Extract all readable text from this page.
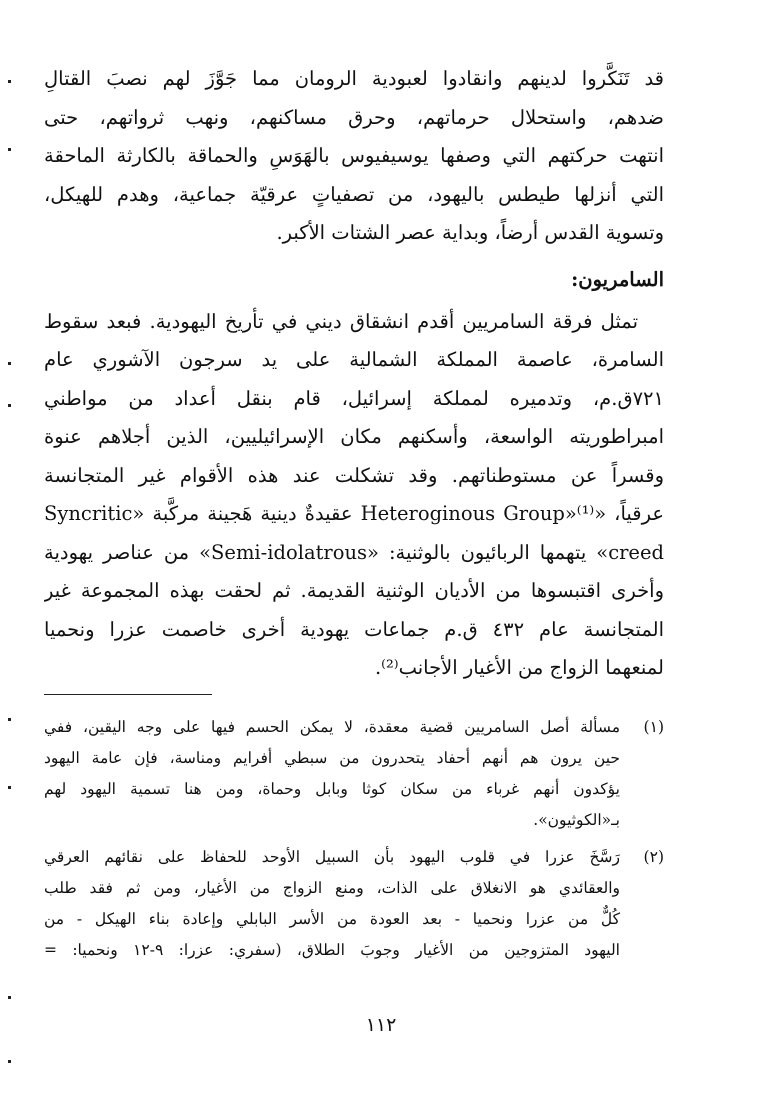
قد تَنَكَّروا لدينهم وانقادوا لعبودية الرومان مما جَوَّزَ لهم نصبَ القتالِ
ضدهم، واستحلال حرماتهم، وحرق مساكنهم، ونهب ثرواتهم، حتى
انتهت حركتهم التي وصفها يوسيفيوس بالهَوَسِ والحماقة بالكارثة الماحقة
التي أنزلها طيطس باليهود، من تصفياتٍ عرقيّة جماعية، وهدم للهيكل،
وتسوية القدس أرضاً، وبداية عصر الشتات الأكبر.

السامريون:

تمثل فرقة السامريين أقدم انشقاق ديني في تأريخ اليهودية. فبعد سقوط
السامرة، عاصمة المملكة الشمالية على يد سرجون الآشوري عام
٧٢١ق.م، وتدميره لمملكة إسرائيل، قام بنقل أعداد من مواطني
امبراطوريته الواسعة، وأسكنهم مكان الإسرائيليين، الذين أجلاهم عنوة
وقسراً عن مستوطناتهم. وقد تشكلت عند هذه الأقوام غير المتجانسة
عرقياً، «Heteroginous Group»⁽¹⁾ عقيدةٌ دينية هَجينة مركَّبة «Syncritic
creed» يتهمها الربائيون بالوثنية: «Semi-idolatrous» من عناصر يهودية
وأخرى اقتبسوها من الأديان الوثنية القديمة. ثم لحقت بهذه المجموعة غير
المتجانسة عام ٤٣٢ ق.م جماعات يهودية أخرى خاصمت عزرا ونحميا
لمنعهما الزواج من الأغيار الأجانب⁽²⁾.

(١)
مسألة أصل السامريين قضية معقدة، لا يمكن الحسم فيها على وجه اليقين، ففي
حين يرون هم أنهم أحفاد يتحدرون من سبطي أفرايم ومناسة، فإن عامة اليهود
يؤكدون أنهم غرباء من سكان كوثا وبابل وحماة، ومن هنا تسمية اليهود لهم
بـ«الكوثيون».
(٢)
رَسَّخَ عزرا في قلوب اليهود بأن السبيل الأوحد للحفاظ على نقائهم العرقي
والعقائدي هو الانغلاق على الذات، ومنع الزواج من الأغيار، ومن ثم فقد طلب
كُلٌّ من عزرا ونحميا - بعد العودة من الأسر البابلي وإعادة بناء الهيكل - من
اليهود المتزوجين من الأغيار وجوبَ الطلاق، (سفري: عزرا: ٩-١٢ ونحميا: =
١١٢
